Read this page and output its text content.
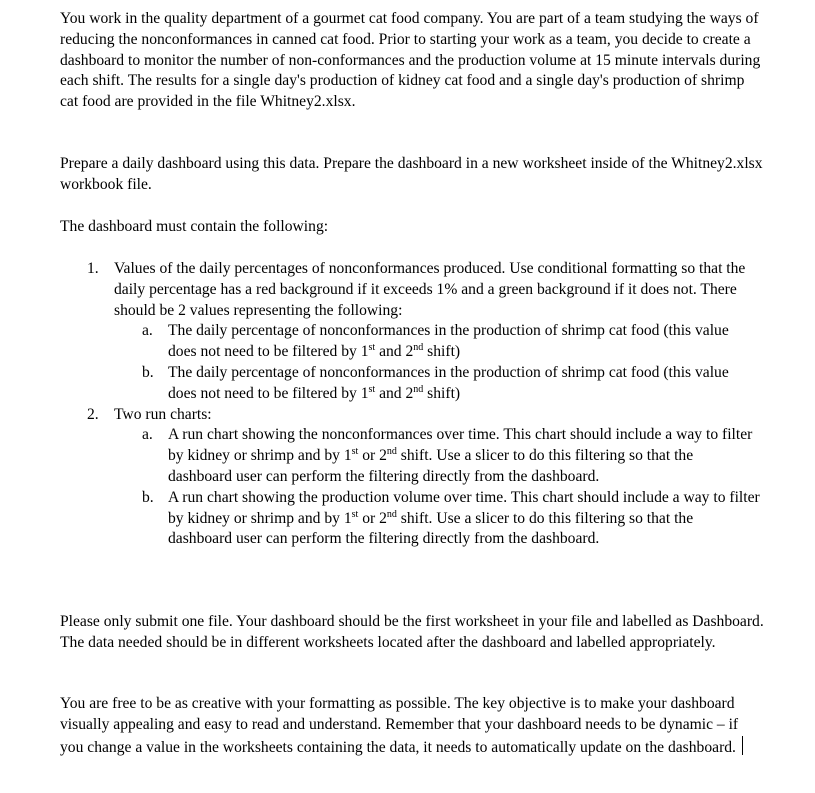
You work in the quality department of a gourmet cat food company. You are part of a team studying the ways of reducing the nonconformances in canned cat food. Prior to starting your work as a team, you decide to create a dashboard to monitor the number of non-conformances and the production volume at 15 minute intervals during each shift. The results for a single day's production of kidney cat food and a single day's production of shrimp cat food are provided in the file Whitney2.xlsx.

Prepare a daily dashboard using this data. Prepare the dashboard in a new worksheet inside of the Whitney2.xlsx workbook file.

The dashboard must contain the following:

1. Values of the daily percentages of nonconformances produced. Use conditional formatting so that the daily percentage has a red background if it exceeds 1% and a green background if it does not. There should be 2 values representing the following:
a. The daily percentage of nonconformances in the production of shrimp cat food (this value does not need to be filtered by 1st and 2nd shift)
b. The daily percentage of nonconformances in the production of shrimp cat food (this value does not need to be filtered by 1st and 2nd shift)
2. Two run charts:
a. A run chart showing the nonconformances over time. This chart should include a way to filter by kidney or shrimp and by 1st or 2nd shift. Use a slicer to do this filtering so that the dashboard user can perform the filtering directly from the dashboard.
b. A run chart showing the production volume over time. This chart should include a way to filter by kidney or shrimp and by 1st or 2nd shift. Use a slicer to do this filtering so that the dashboard user can perform the filtering directly from the dashboard.

Please only submit one file. Your dashboard should be the first worksheet in your file and labelled as Dashboard. The data needed should be in different worksheets located after the dashboard and labelled appropriately.

You are free to be as creative with your formatting as possible. The key objective is to make your dashboard visually appealing and easy to read and understand. Remember that your dashboard needs to be dynamic – if you change a value in the worksheets containing the data, it needs to automatically update on the dashboard.
